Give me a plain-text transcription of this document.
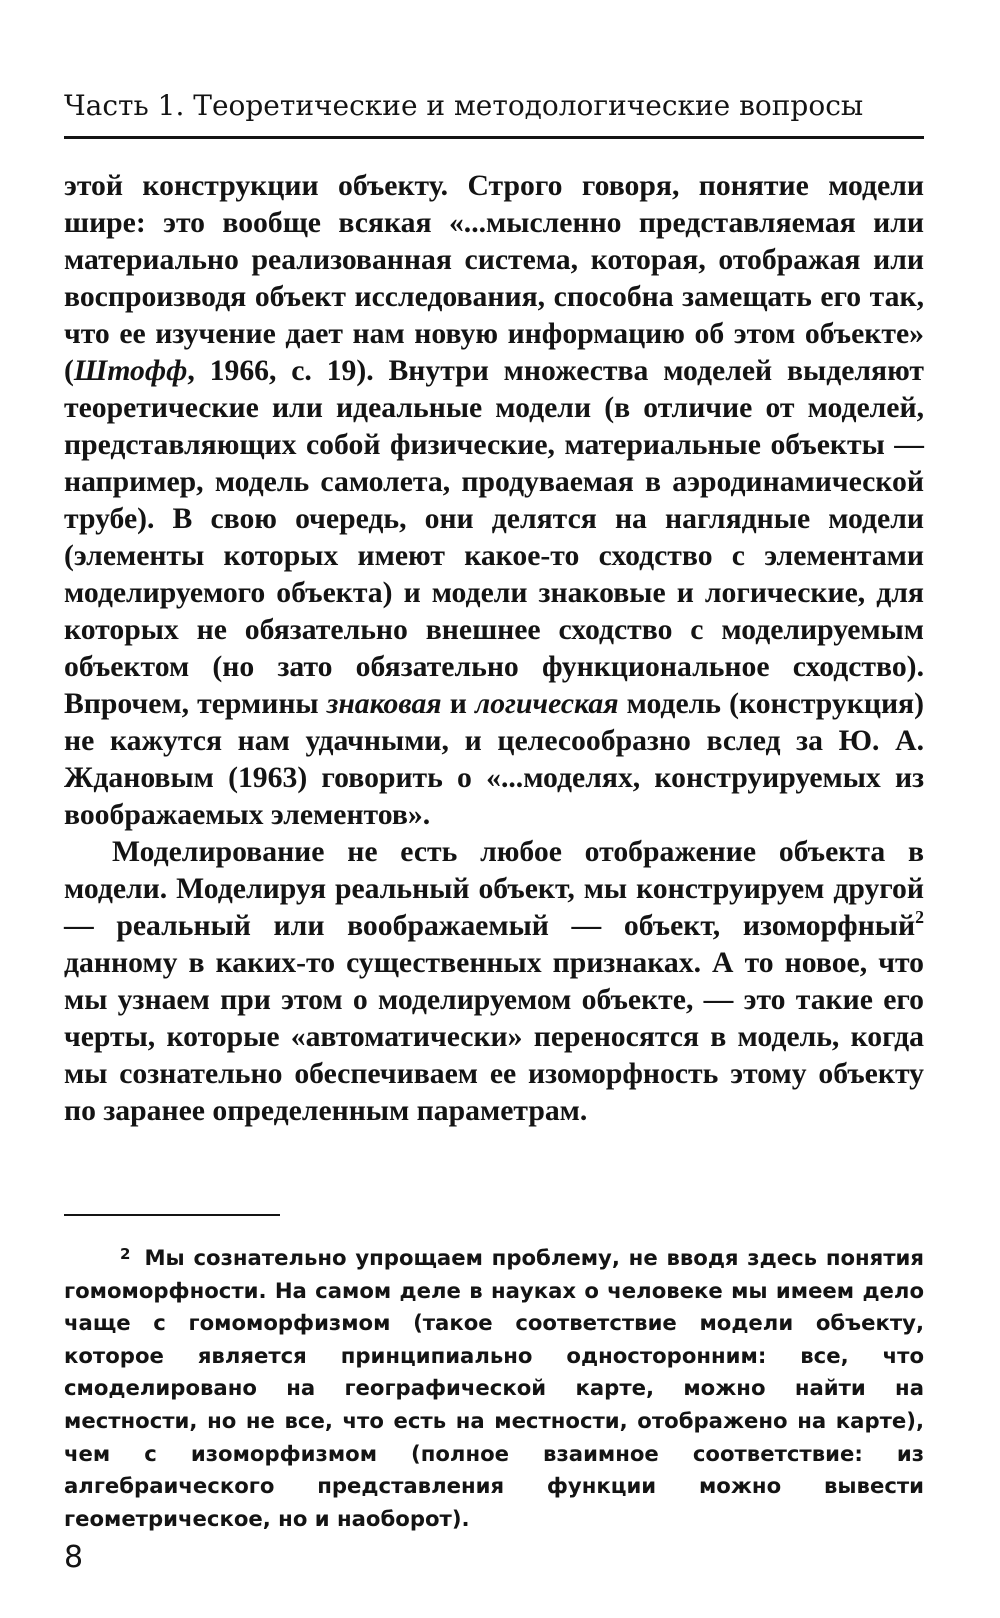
Часть 1. Теоретические и методологические вопросы

этой конструкции объекту. Строго говоря, понятие модели шире: это вообще всякая «...мысленно представляемая или материально реализованная система, которая, отображая или воспроизводя объект исследования, способна замещать его так, что ее изучение дает нам новую информацию об этом объекте» (Штофф, 1966, с. 19). Внутри множества моделей выделяют теоретические или идеальные модели (в отличие от моделей, представляющих собой физические, материальные объекты — например, модель самолета, продуваемая в аэродинамической трубе). В свою очередь, они делятся на наглядные модели (элементы которых имеют какое-то сходство с элементами моделируемого объекта) и модели знаковые и логические, для которых не обязательно внешнее сходство с моделируемым объектом (но зато обязательно функциональное сходство). Впрочем, термины знаковая и логическая модель (конструкция) не кажутся нам удачными, и целесообразно вслед за Ю. А. Ждановым (1963) говорить о «...моделях, конструируемых из воображаемых элементов».

Моделирование не есть любое отображение объекта в модели. Моделируя реальный объект, мы конструируем другой — реальный или воображаемый — объект, изоморфный$^2$ данному в каких-то существенных признаках. А то новое, что мы узнаем при этом о моделируемом объекте, — это такие его черты, которые «автоматически» переносятся в модель, когда мы сознательно обеспечиваем ее изоморфность этому объекту по заранее определенным параметрам.

$^2$ Мы сознательно упрощаем проблему, не вводя здесь понятия гомоморфности. На самом деле в науках о человеке мы имеем дело чаще с гомоморфизмом (такое соответствие модели объекту, которое является принципиально односторонним: все, что смоделировано на географической карте, можно найти на местности, но не все, что есть на местности, отображено на карте), чем с изоморфизмом (полное взаимное соответствие: из алгебраического представления функции можно вывести геометрическое, но и наоборот).
8
